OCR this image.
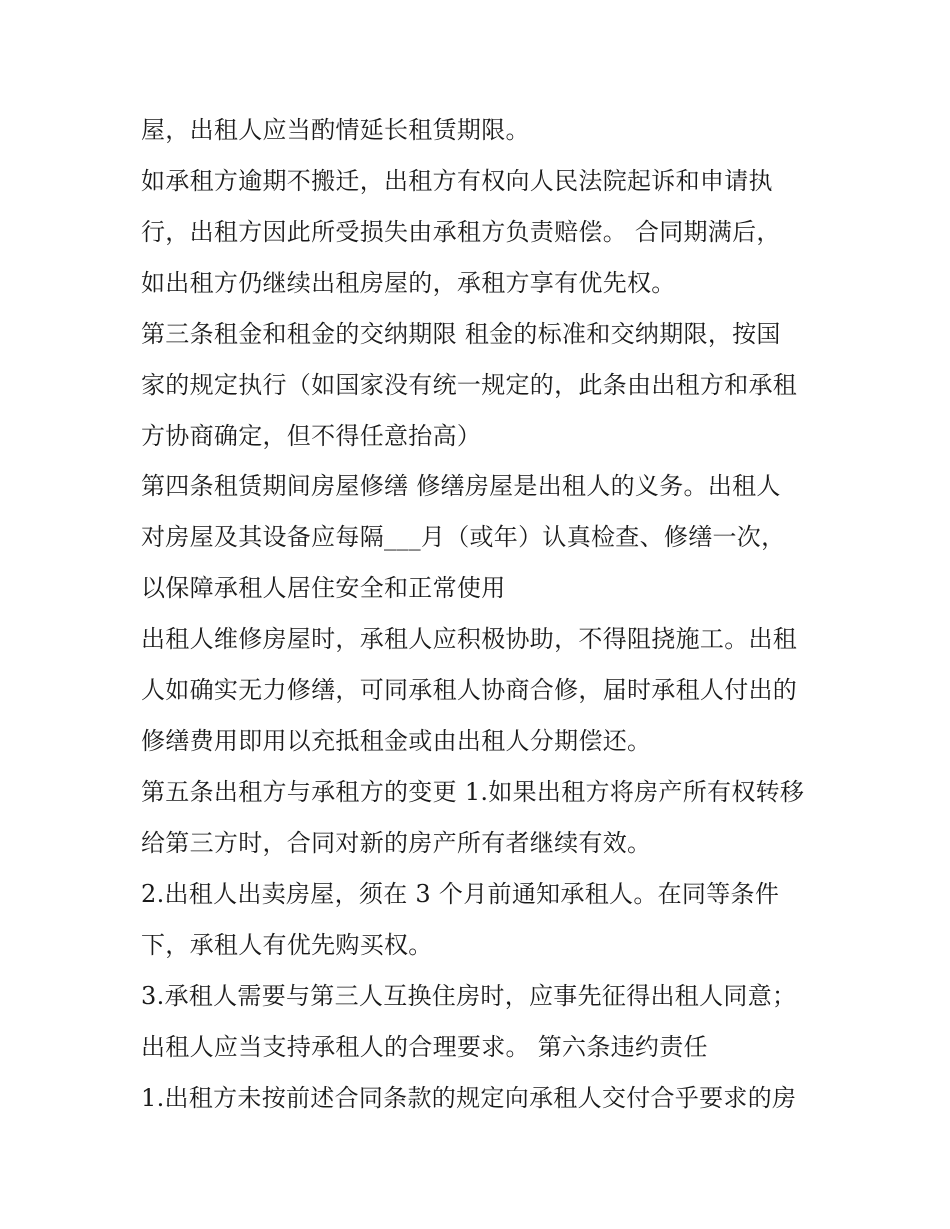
屋，出租人应当酌情延长租赁期限。
如承租方逾期不搬迁，出租方有权向人民法院起诉和申请执
行，出租方因此所受损失由承租方负责赔偿。 合同期满后，
如出租方仍继续出租房屋的，承租方享有优先权。
第三条租金和租金的交纳期限 租金的标准和交纳期限，按国
家的规定执行（如国家没有统一规定的，此条由出租方和承租
方协商确定，但不得任意抬高）
第四条租赁期间房屋修缮 修缮房屋是出租人的义务。出租人
对房屋及其设备应每隔___月（或年）认真检查、修缮一次，
以保障承租人居住安全和正常使用
出租人维修房屋时，承租人应积极协助，不得阻挠施工。出租
人如确实无力修缮，可同承租人协商合修，届时承租人付出的
修缮费用即用以充抵租金或由出租人分期偿还。
第五条出租方与承租方的变更 1.如果出租方将房产所有权转移
给第三方时，合同对新的房产所有者继续有效。
2.出租人出卖房屋，须在 3 个月前通知承租人。在同等条件
下，承租人有优先购买权。
3.承租人需要与第三人互换住房时，应事先征得出租人同意；
出租人应当支持承租人的合理要求。 第六条违约责任
1.出租方未按前述合同条款的规定向承租人交付合乎要求的房
